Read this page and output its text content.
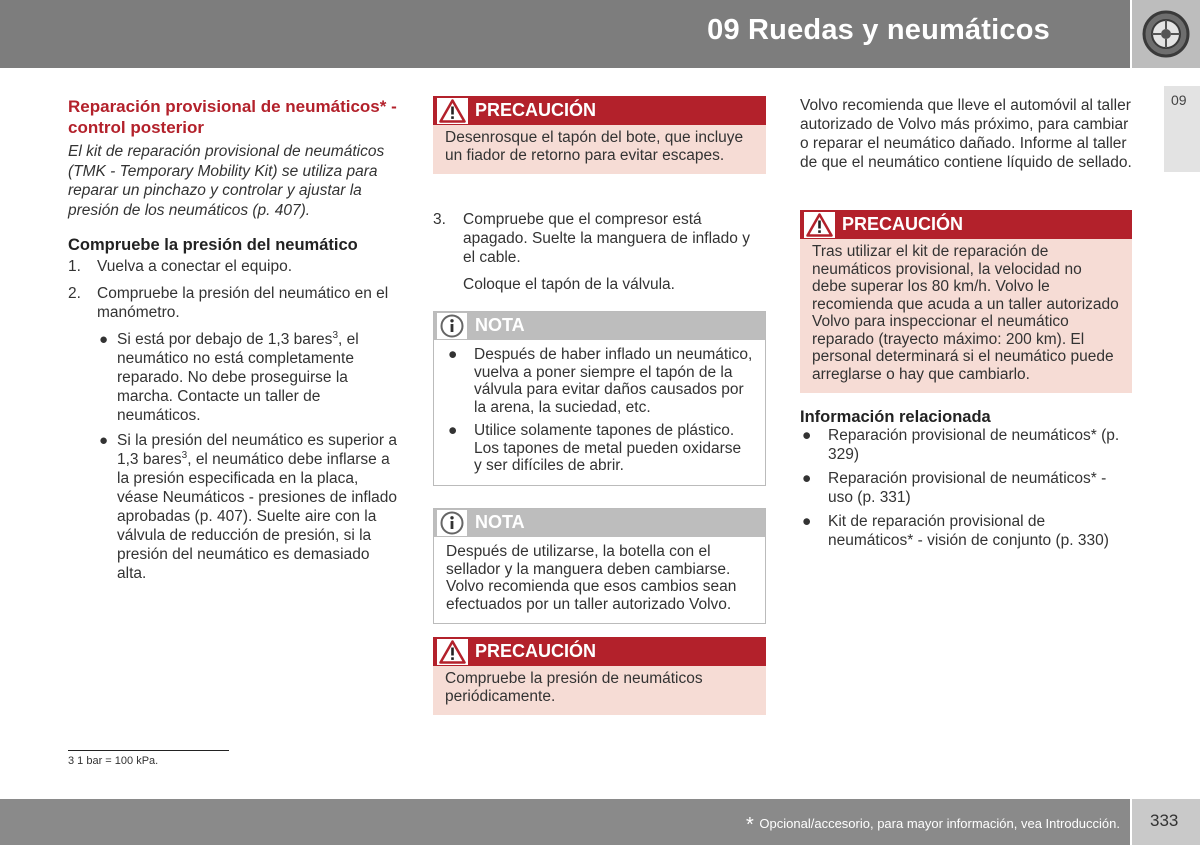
09 Ruedas y neumáticos
09
Reparación provisional de neumáticos* - control posterior
El kit de reparación provisional de neumáticos (TMK - Temporary Mobility Kit) se utiliza para reparar un pinchazo y controlar y ajustar la presión de los neumáticos (p. 407).
Compruebe la presión del neumático
1. Vuelva a conectar el equipo.
2. Compruebe la presión del neumático en el manómetro.
● Si está por debajo de 1,3 bares$^3$, el neumático no está completamente reparado. No debe proseguirse la marcha. Contacte un taller de neumáticos.
● Si la presión del neumático es superior a 1,3 bares$^3$, el neumático debe inflarse a la presión especificada en la placa, véase Neumáticos - presiones de inflado aprobadas (p. 407). Suelte aire con la válvula de reducción de presión, si la presión del neumático es demasiado alta.
PRECAUCIÓN
Desenrosque el tapón del bote, que incluye un fiador de retorno para evitar escapes.
3. Compruebe que el compresor está apagado. Suelte la manguera de inflado y el cable.
Coloque el tapón de la válvula.
NOTA
● Después de haber inflado un neumático, vuelva a poner siempre el tapón de la válvula para evitar daños causados por la arena, la suciedad, etc.
● Utilice solamente tapones de plástico. Los tapones de metal pueden oxidarse y ser difíciles de abrir.
NOTA
Después de utilizarse, la botella con el sellador y la manguera deben cambiarse. Volvo recomienda que esos cambios sean efectuados por un taller autorizado Volvo.
PRECAUCIÓN
Compruebe la presión de neumáticos periódicamente.
Volvo recomienda que lleve el automóvil al taller autorizado de Volvo más próximo, para cambiar o reparar el neumático dañado. Informe al taller de que el neumático contiene líquido de sellado.
PRECAUCIÓN
Tras utilizar el kit de reparación de neumáticos provisional, la velocidad no debe superar los 80 km/h. Volvo le recomienda que acuda a un taller autorizado Volvo para inspeccionar el neumático reparado (trayecto máximo: 200 km). El personal determinará si el neumático puede arreglarse o hay que cambiarlo.
Información relacionada
● Reparación provisional de neumáticos* (p. 329)
● Reparación provisional de neumáticos* - uso (p. 331)
● Kit de reparación provisional de neumáticos* - visión de conjunto (p. 330)
3 1 bar = 100 kPa.
* Opcional/accesorio, para mayor información, vea Introducción. 333
